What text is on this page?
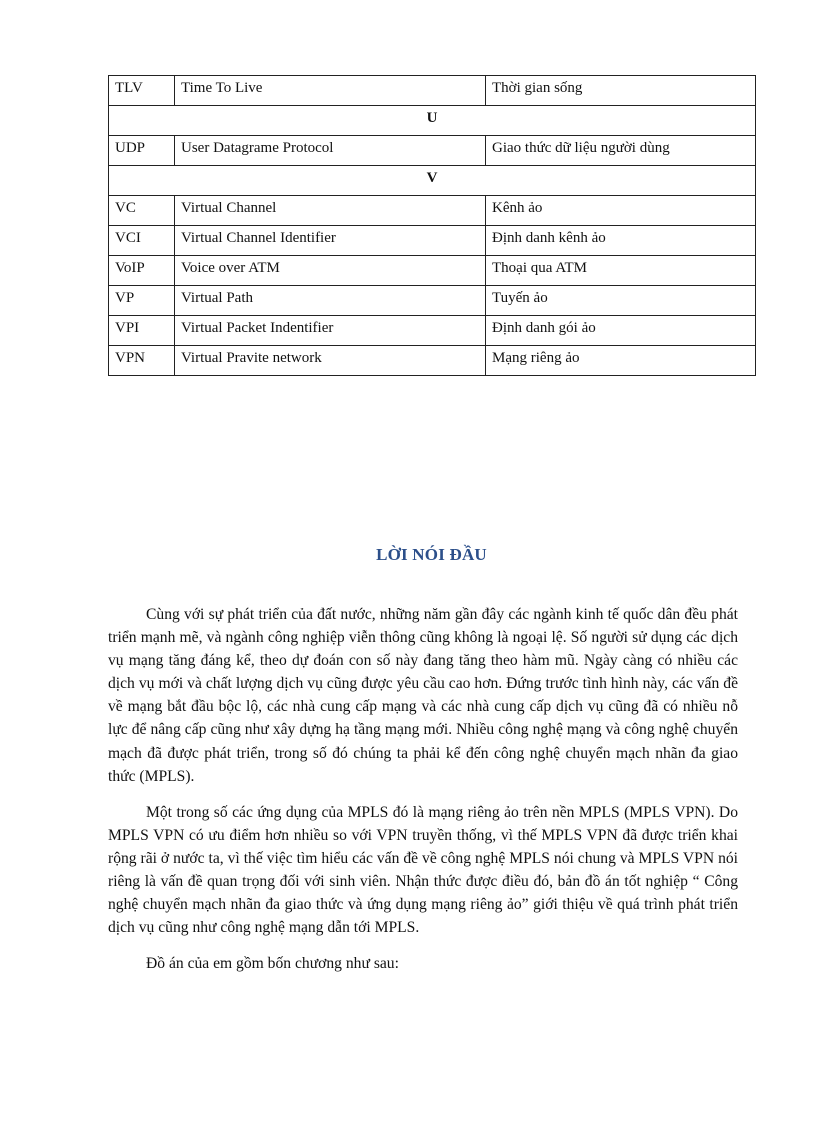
TLV	Time To Live	Thời gian sống
U		
UDP	User Datagrame Protocol	Giao thức dữ liệu người dùng
V		
VC	Virtual Channel	Kênh ảo
VCI	Virtual Channel Identifier	Định danh kênh ảo
VoIP	Voice over ATM	Thoại qua ATM
VP	Virtual Path	Tuyến ảo
VPI	Virtual Packet Indentifier	Định danh gói ảo
VPN	Virtual Pravite network	Mạng riêng ảo
LỜI NÓI ĐẦU

Cùng với sự phát triển của đất nước, những năm gần đây các ngành kinh tế quốc dân đều phát triển mạnh mẽ, và ngành công nghiệp viễn thông cũng không là ngoại lệ. Số người sử dụng các dịch vụ mạng tăng đáng kể, theo dự đoán con số này đang tăng theo hàm mũ. Ngày càng có nhiều các dịch vụ mới và chất lượng dịch vụ cũng được yêu cầu cao hơn. Đứng trước tình hình này, các vấn đề về mạng bắt đầu bộc lộ, các nhà cung cấp mạng và các nhà cung cấp dịch vụ cũng đã có nhiều nỗ lực để nâng cấp cũng như xây dựng hạ tầng mạng mới. Nhiều công nghệ mạng và công nghệ chuyển mạch đã được phát triển, trong số đó chúng ta phải kể đến công nghệ chuyển mạch nhãn đa giao thức (MPLS).

Một trong số các ứng dụng của MPLS đó là mạng riêng ảo trên nền MPLS (MPLS VPN). Do MPLS VPN có ưu điểm hơn nhiều so với VPN truyền thống, vì thế MPLS VPN đã được triển khai rộng rãi ở nước ta, vì thế việc tìm hiểu các vấn đề về công nghệ MPLS nói chung và MPLS VPN nói riêng là vấn đề quan trọng đối với sinh viên. Nhận thức được điều đó, bản đồ án tốt nghiệp “ Công nghệ chuyển mạch nhãn đa giao thức và ứng dụng mạng riêng ảo” giới thiệu về quá trình phát triển dịch vụ cũng như công nghệ mạng dẫn tới MPLS.

Đồ án của em gồm bốn chương như sau:
